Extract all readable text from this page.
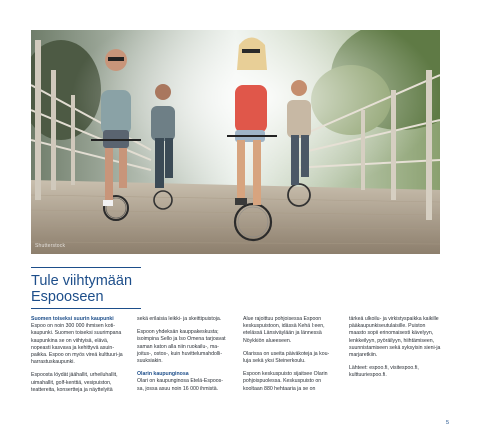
Shutterstock
Tule viihtymään
Espooseen

Suomen toiseksi suurin kaupunki
Espoo on noin 300 000 ihmisen koti-kaupunki. Suomen toiseksi suurimpana kaupunkina se on viihtyisä, elävä, nopeasti kasvava ja kehittyvä asuin-paikka. Espoo on myös vireä kulttuuri-ja harrastuskaupunki.

Espoosta löydät jäähallit, urheiluhallit, uimahallit, golf-kenttiä, vesipuiston, teattereita, konsertteja ja näyttelyitä

sekä erilaisia leikki- ja skeittipuistoja.

Espoon yhdeksän kauppakeskusta; isoimpina Sello ja Iso Omena tarjoavat saman katon alla niin ruokailu-, ma-joitus-, ostos-, kuin huvittelumahdolli-suuksiakin.

Olarin kaupunginosa
Olari on kaupunginosa Etelä-Espoos-sa, jossa asuu noin 16 000 ihmistä.

Alue rajoittuu pohjoisessa Espoon keskuspuistoon, idässä Kehä I:een, etelässä Länsiväylään ja lännessä Nöykkiön alueeseen.

Olarissa on useita päiväkoteja ja kou-luja sekä yksi Steinerkoulu.

Espoon keskuspuisto sijaitsee Olarin pohjoispuolessa. Keskuspuisto on kooltaan 880 hehtaaria ja se on

tärkeä ulkoilu- ja virkistyspaikka kaikille pääkaupunkiseutulaisille. Puiston maasto sopii erinomaisesti kävelyyn, lenkkeilyyn, pyöräilyyn, hiihtämiseen, suunnistamiseen sekä syksyisin sieni-ja marjaretkiin.

Lähteet: espoo.fi, visitespoo.fi, kulttuuriespoo.fi.

5
